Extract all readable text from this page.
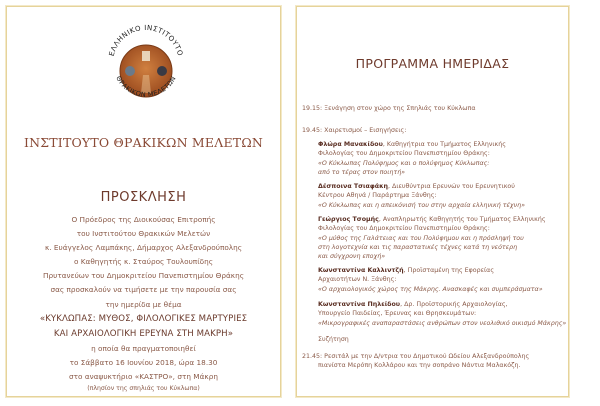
ΕΛΛΗΝΙΚΟ ΙΝΣΤΙΤΟΥΤΟ
ΘΡΑΚΙΚΩΝ ΜΕΛΕΤΩΝ
ΙΝΣΤΙΤΟΥΤΟ ΘΡΑΚΙΚΩΝ ΜΕΛΕΤΩΝ
ΠΡΟΣΚΛΗΣΗ
Ο Πρόεδρος της Διοικούσας Επιτροπής
του Ινστιτούτου Θρακικών Μελετών
κ. Ευάγγελος Λαμπάκης, Δήμαρχος Αλεξανδρούπολης
ο Καθηγητής κ. Σταύρος Τουλουπίδης
Πρυτανεύων του Δημοκριτείου Πανεπιστημίου Θράκης
σας προσκαλούν να τιμήσετε με την παρουσία σας
την ημερίδα με θέμα
«ΚΥΚΛΩΠΑΣ: ΜΥΘΟΣ, ΦΙΛΟΛΟΓΙΚΕΣ ΜΑΡΤΥΡΙΕΣ
ΚΑΙ ΑΡΧΑΙΟΛΟΓΙΚΗ ΕΡΕΥΝΑ ΣΤΗ ΜΑΚΡΗ»
η οποία θα πραγματοποιηθεί
το Σάββατο 16 Ιουνίου 2018, ώρα 18.30
στο αναψυκτήριο «ΚΑΣΤΡΟ», στη Μάκρη
(πλησίον της σπηλιάς του Κύκλωπα)
ΠΡΟΓΡΑΜΜΑ ΗΜΕΡΙΔΑΣ
19.15: Ξενάγηση στον χώρο της Σπηλιάς του Κύκλωπα
19.45: Χαιρετισμοί – Εισηγήσεις:
Φλώρα Μανακίδου, Καθηγήτρια του Τμήματος Ελληνικής
Φιλολογίας του Δημοκριτείου Πανεπιστημίου Θράκης:
«Ο Κύκλωπας Πολύφημος και ο πολύφημος Κύκλωπας:
από το τέρας στον ποιητή»
Δέσποινα Τσιαφάκη, Διευθύντρια Ερευνών του Ερευνητικού
Κέντρου Αθηνά / Παράρτημα Ξάνθης:
«Ο Κύκλωπας και η απεικόνισή του στην αρχαία ελληνική τέχνη»
Γεώργιος Τσομής, Αναπληρωτής Καθηγητής του Τμήματος Ελληνικής
Φιλολογίας του Δημοκριτείου Πανεπιστημίου Θράκης:
«Ο μύθος της Γαλάτειας και του Πολύφημου και η πρόσληψή του
στη λογοτεχνία και τις παραστατικές τέχνες κατά τη νεότερη
και σύγχρονη εποχή»
Κωνσταντίνα Καλλιντζή, Προϊσταμένη της Εφορείας
Αρχαιοτήτων Ν. Ξάνθης:
«Ο αρχαιολογικός χώρος της Μάκρης. Ανασκαφές και συμπεράσματα»
Κωνσταντίνα Πηλείδου, Δρ. Προϊστορικής Αρχαιολογίας,
Υπουργείο Παιδείας, Έρευνας και Θρησκευμάτων:
«Μικρογραφικές αναπαραστάσεις ανθρώπων στον νεολιθικό οικισμό Μάκρης»
Συζήτηση
21.45: Ρεσιτάλ με την Δ/ντρια του Δημοτικού Ωδείου Αλεξανδρούπολης
πιανίστα Μερόπη Κολλάρου και την σοπράνο Νάντια Μαλακόζη.
